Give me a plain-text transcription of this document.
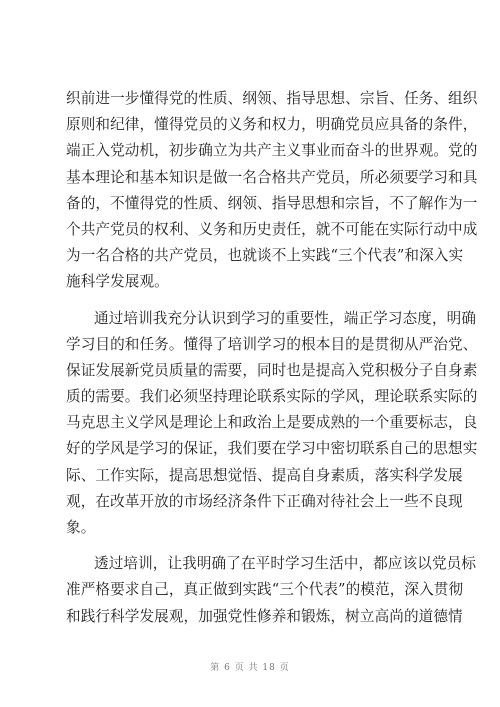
织前进一步懂得党的性质、纲领、指导思想、宗旨、任务、组织
原则和纪律，懂得党员的义务和权力，明确党员应具备的条件，
端正入党动机，初步确立为共产主义事业而奋斗的世界观。党的
基本理论和基本知识是做一名合格共产党员，所必须要学习和具
备的，不懂得党的性质、纲领、指导思想和宗旨，不了解作为一
个共产党员的权利、义务和历史责任，就不可能在实际行动中成
为一名合格的共产党员，也就谈不上实践“三个代表”和深入实
施科学发展观。
通过培训我充分认识到学习的重要性，端正学习态度，明确
学习目的和任务。懂得了培训学习的根本目的是贯彻从严治党、
保证发展新党员质量的需要，同时也是提高入党积极分子自身素
质的需要。我们必须坚持理论联系实际的学风，理论联系实际的
马克思主义学风是理论上和政治上是要成熟的一个重要标志，良
好的学风是学习的保证，我们要在学习中密切联系自己的思想实
际、工作实际，提高思想觉悟、提高自身素质，落实科学发展
观，在改革开放的市场经济条件下正确对待社会上一些不良现
象。
透过培训，让我明确了在平时学习生活中，都应该以党员标
准严格要求自己，真正做到实践“三个代表”的模范，深入贯彻
和践行科学发展观，加强党性修养和锻炼，树立高尚的道德情
第 6 页 共 18 页
